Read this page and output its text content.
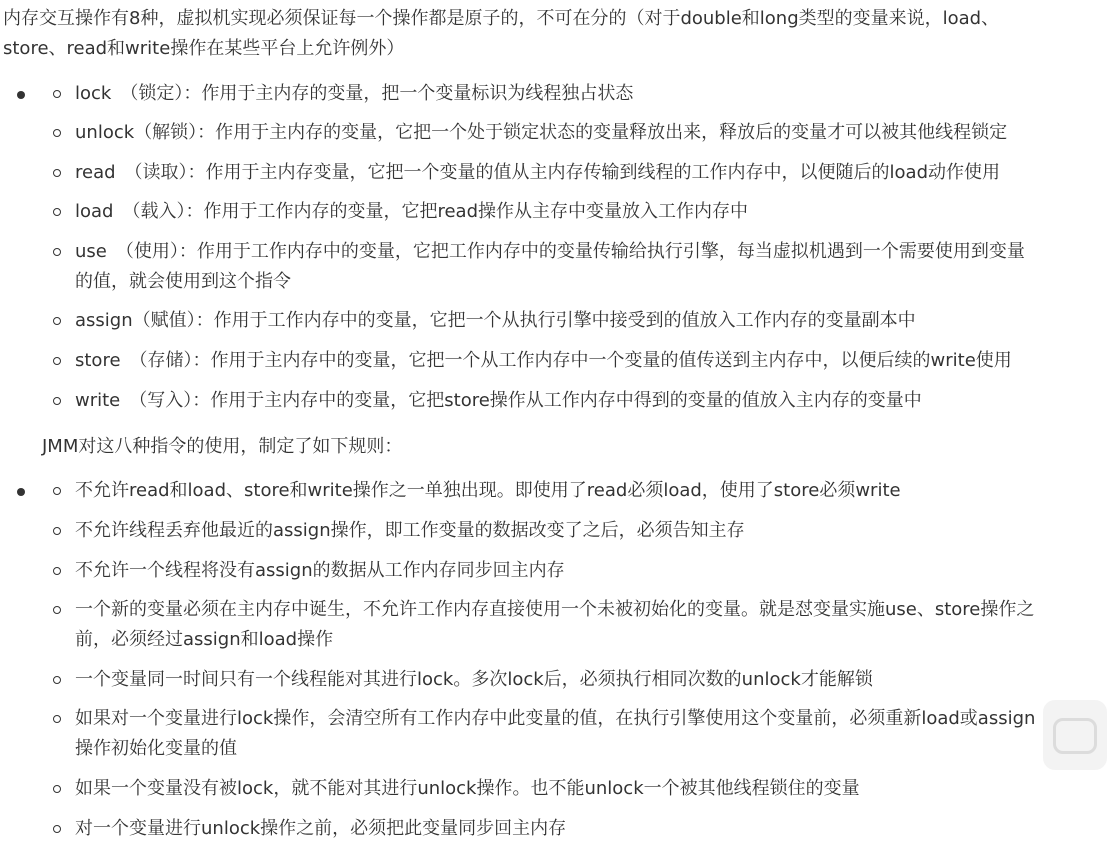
内存交互操作有8种，虚拟机实现必须保证每一个操作都是原子的，不可在分的（对于double和long类型的变量来说，load、
store、read和write操作在某些平台上允许例外）

lock　（锁定）：作用于主内存的变量，把一个变量标识为线程独占状态
unlock（解锁）：作用于主内存的变量，它把一个处于锁定状态的变量释放出来，释放后的变量才可以被其他线程锁定
read　（读取）：作用于主内存变量，它把一个变量的值从主内存传输到线程的工作内存中，以便随后的load动作使用
load　（载入）：作用于工作内存的变量，它把read操作从主存中变量放入工作内存中
use　（使用）：作用于工作内存中的变量，它把工作内存中的变量传输给执行引擎，每当虚拟机遇到一个需要使用到变量
的值，就会使用到这个指令
assign（赋值）：作用于工作内存中的变量，它把一个从执行引擎中接受到的值放入工作内存的变量副本中
store　（存储）：作用于主内存中的变量，它把一个从工作内存中一个变量的值传送到主内存中，以便后续的write使用
write　（写入）：作用于主内存中的变量，它把store操作从工作内存中得到的变量的值放入主内存的变量中

JMM对这八种指令的使用，制定了如下规则：

不允许read和load、store和write操作之一单独出现。即使用了read必须load，使用了store必须write
不允许线程丢弃他最近的assign操作，即工作变量的数据改变了之后，必须告知主存
不允许一个线程将没有assign的数据从工作内存同步回主内存
一个新的变量必须在主内存中诞生，不允许工作内存直接使用一个未被初始化的变量。就是怼变量实施use、store操作之
前，必须经过assign和load操作
一个变量同一时间只有一个线程能对其进行lock。多次lock后，必须执行相同次数的unlock才能解锁
如果对一个变量进行lock操作，会清空所有工作内存中此变量的值，在执行引擎使用这个变量前，必须重新load或assign
操作初始化变量的值
如果一个变量没有被lock，就不能对其进行unlock操作。也不能unlock一个被其他线程锁住的变量
对一个变量进行unlock操作之前，必须把此变量同步回主内存
